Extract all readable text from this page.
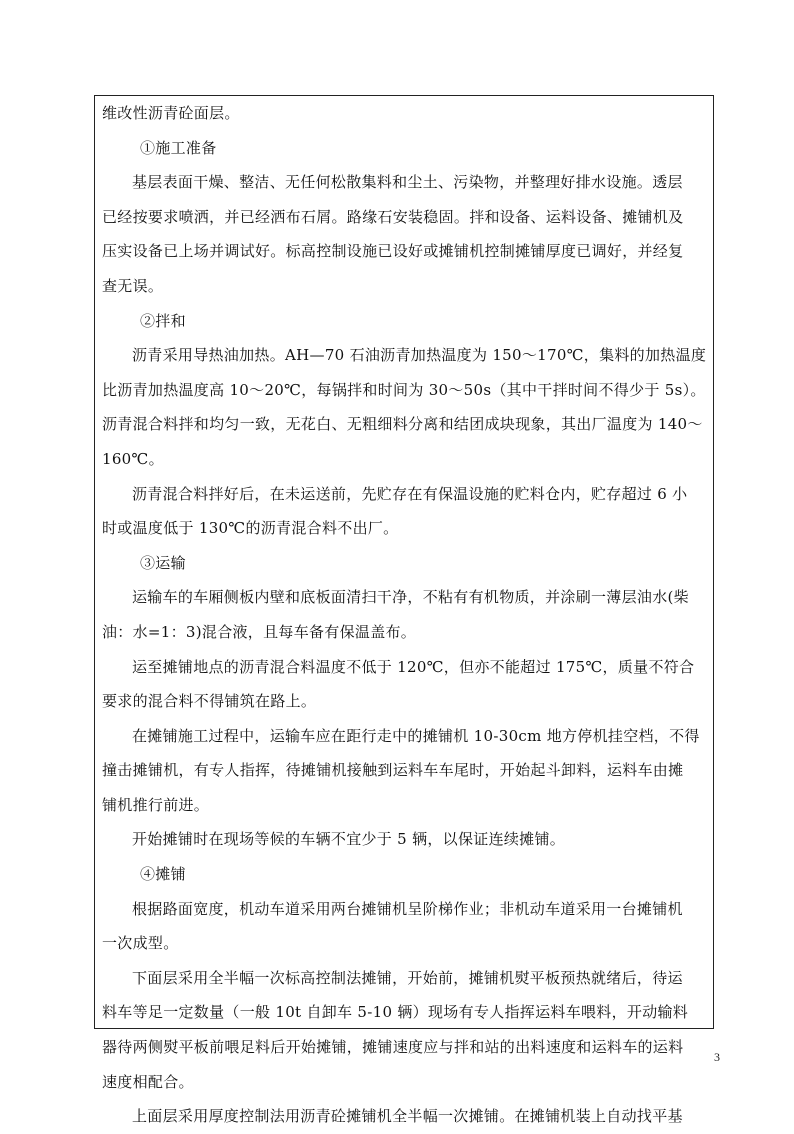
维改性沥青砼面层。
①施工准备
基层表面干燥、整洁、无任何松散集料和尘土、污染物，并整理好排水设施。透层
已经按要求喷洒，并已经洒布石屑。路缘石安装稳固。拌和设备、运料设备、摊铺机及
压实设备已上场并调试好。标高控制设施已设好或摊铺机控制摊铺厚度已调好，并经复
查无误。
②拌和
沥青采用导热油加热。AH—70 石油沥青加热温度为 150～170℃，集料的加热温度
比沥青加热温度高 10～20℃，每锅拌和时间为 30～50s（其中干拌时间不得少于 5s）。
沥青混合料拌和均匀一致，无花白、无粗细料分离和结团成块现象，其出厂温度为 140～
160℃。
沥青混合料拌好后，在未运送前，先贮存在有保温设施的贮料仓内，贮存超过 6 小
时或温度低于 130℃的沥青混合料不出厂。
③运输
运输车的车厢侧板内壁和底板面清扫干净，不粘有有机物质，并涂刷一薄层油水(柴
油：水=1：3)混合液，且每车备有保温盖布。
运至摊铺地点的沥青混合料温度不低于 120℃，但亦不能超过 175℃，质量不符合
要求的混合料不得铺筑在路上。
在摊铺施工过程中，运输车应在距行走中的摊铺机 10-30cm 地方停机挂空档，不得
撞击摊铺机，有专人指挥，待摊铺机接触到运料车车尾时，开始起斗卸料，运料车由摊
铺机推行前进。
开始摊铺时在现场等候的车辆不宜少于 5 辆，以保证连续摊铺。
④摊铺
根据路面宽度，机动车道采用两台摊铺机呈阶梯作业；非机动车道采用一台摊铺机
一次成型。
下面层采用全半幅一次标高控制法摊铺，开始前，摊铺机熨平板预热就绪后，待运
料车等足一定数量（一般 10t 自卸车 5-10 辆）现场有专人指挥运料车喂料，开动输料
器待两侧熨平板前喂足料后开始摊铺，摊铺速度应与拌和站的出料速度和运料车的运料
速度相配合。
上面层采用厚度控制法用沥青砼摊铺机全半幅一次摊铺。在摊铺机装上自动找平基
3
